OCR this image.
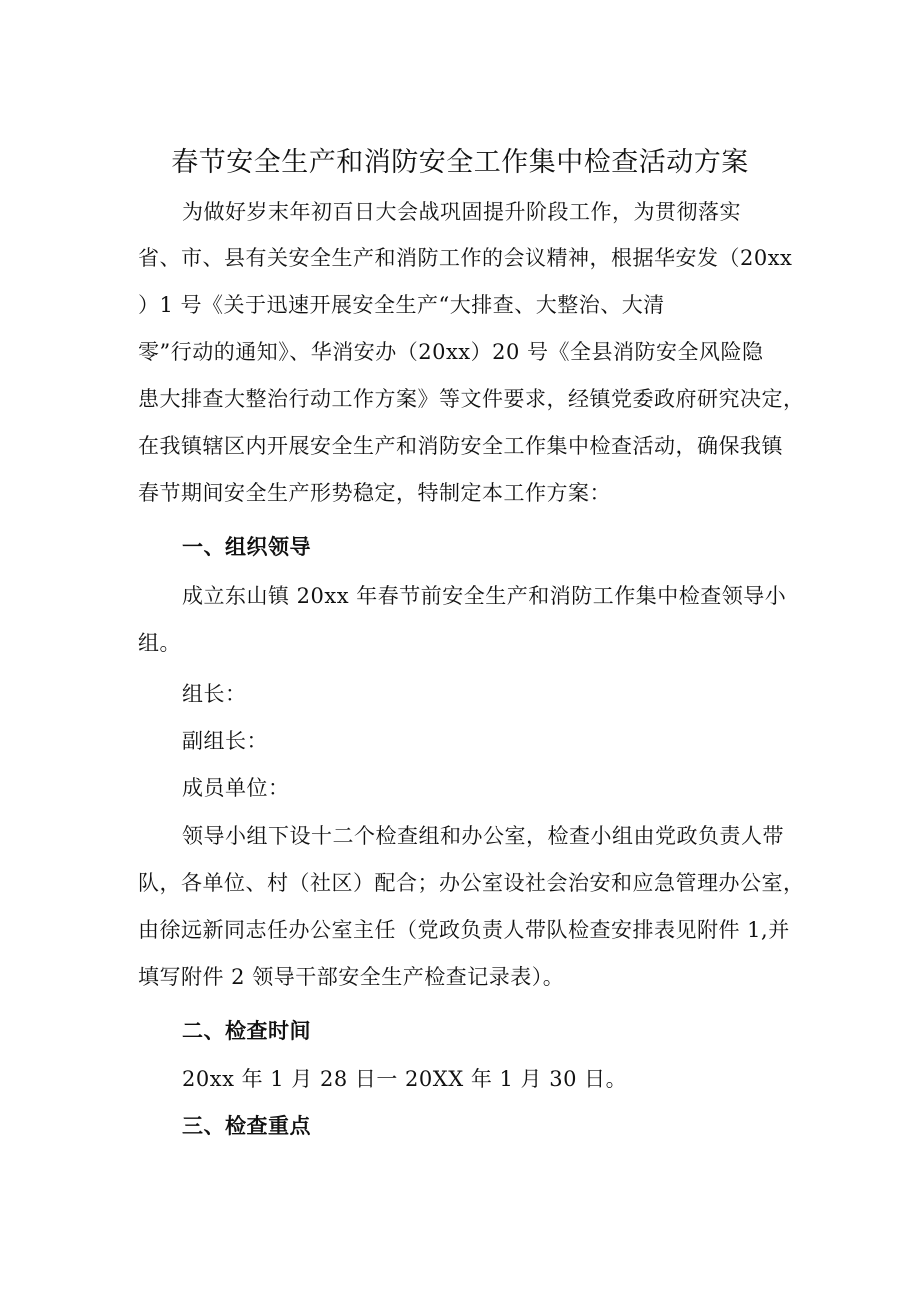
春节安全生产和消防安全工作集中检查活动方案
为做好岁末年初百日大会战巩固提升阶段工作，为贯彻落实
省、市、县有关安全生产和消防工作的会议精神，根据华安发（20xx
）1 号《关于迅速开展安全生产“大排查、大整治、大清
零”行动的通知》、华消安办（20xx）20 号《全县消防安全风险隐
患大排查大整治行动工作方案》等文件要求，经镇党委政府研究决定，
在我镇辖区内开展安全生产和消防安全工作集中检查活动，确保我镇
春节期间安全生产形势稳定，特制定本工作方案：
一、组织领导
成立东山镇 20xx 年春节前安全生产和消防工作集中检查领导小
组。
组长：
副组长：
成员单位：
领导小组下设十二个检查组和办公室，检查小组由党政负责人带
队，各单位、村（社区）配合；办公室设社会治安和应急管理办公室，
由徐远新同志任办公室主任（党政负责人带队检查安排表见附件 1,并
填写附件 2 领导干部安全生产检查记录表）。
二、检查时间
20xx 年 1 月 28 日一 20XX 年 1 月 30 日。
三、检查重点
